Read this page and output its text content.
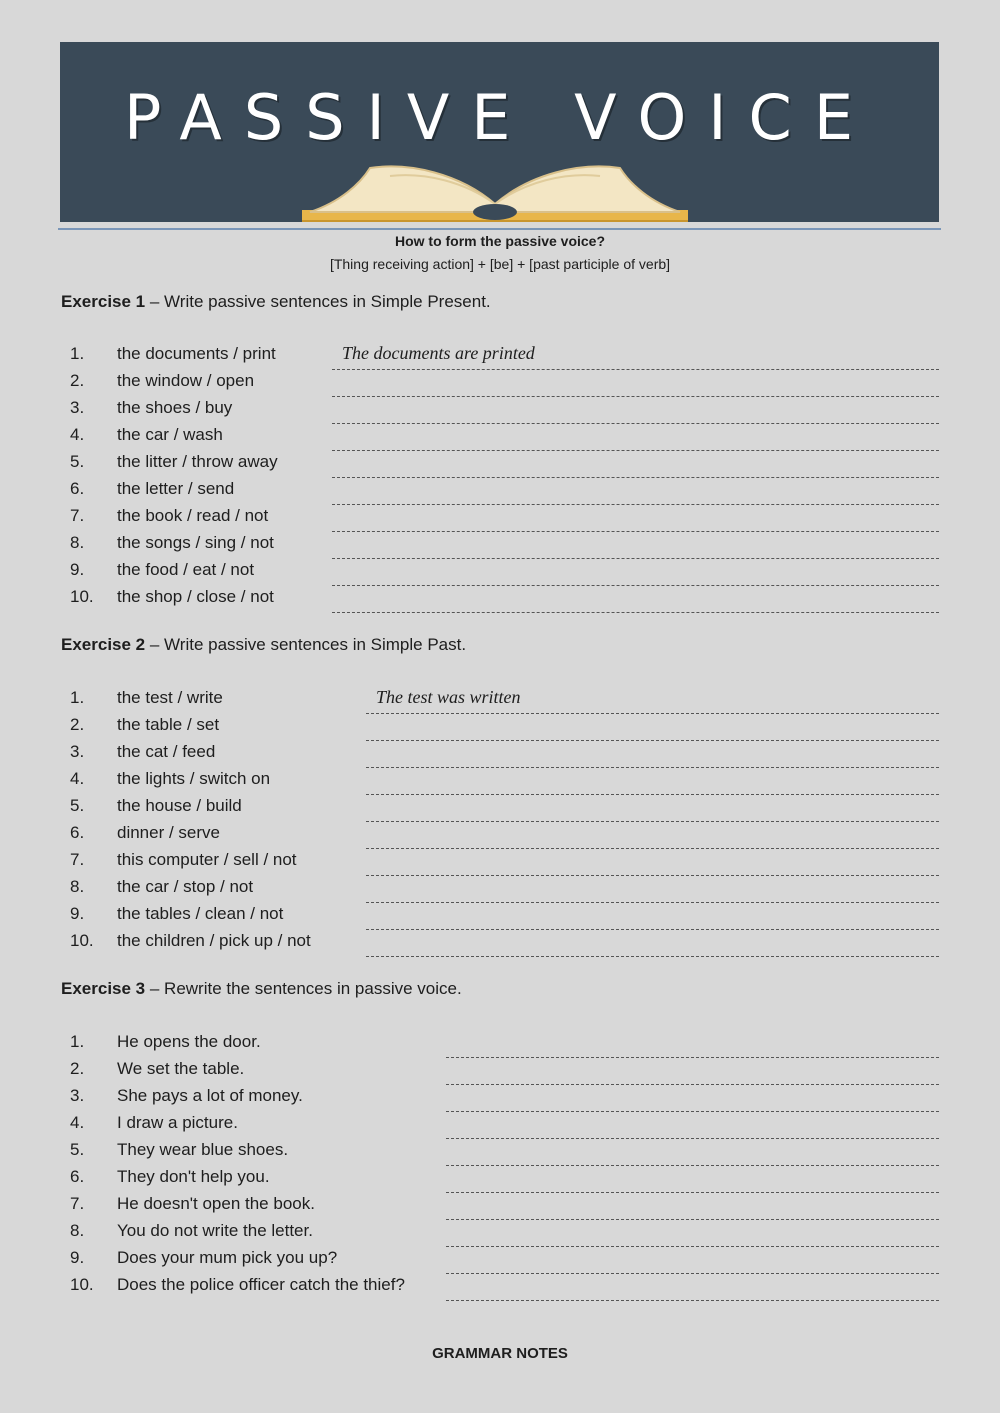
PASSIVE VOICE
How to form the passive voice?
[Thing receiving action] + [be] + [past participle of verb]
Exercise 1 – Write passive sentences in Simple Present.
1. the documents / print	The documents are printed
2. the window / open
3. the shoes / buy
4. the car / wash
5. the litter / throw away
6. the letter / send
7. the book / read / not
8. the songs / sing / not
9. the food / eat / not
10. the shop / close / not
Exercise 2 – Write passive sentences in Simple Past.
1. the test / write	The test was written
2. the table / set
3. the cat / feed
4. the lights / switch on
5. the house / build
6. dinner / serve
7. this computer / sell / not
8. the car / stop / not
9. the tables / clean / not
10. the children / pick up / not
Exercise 3 – Rewrite the sentences in passive voice.
1. He opens the door.
2. We set the table.
3. She pays a lot of money.
4. I draw a picture.
5. They wear blue shoes.
6. They don't help you.
7. He doesn't open the book.
8. You do not write the letter.
9. Does your mum pick you up?
10. Does the police officer catch the thief?
GRAMMAR NOTES
